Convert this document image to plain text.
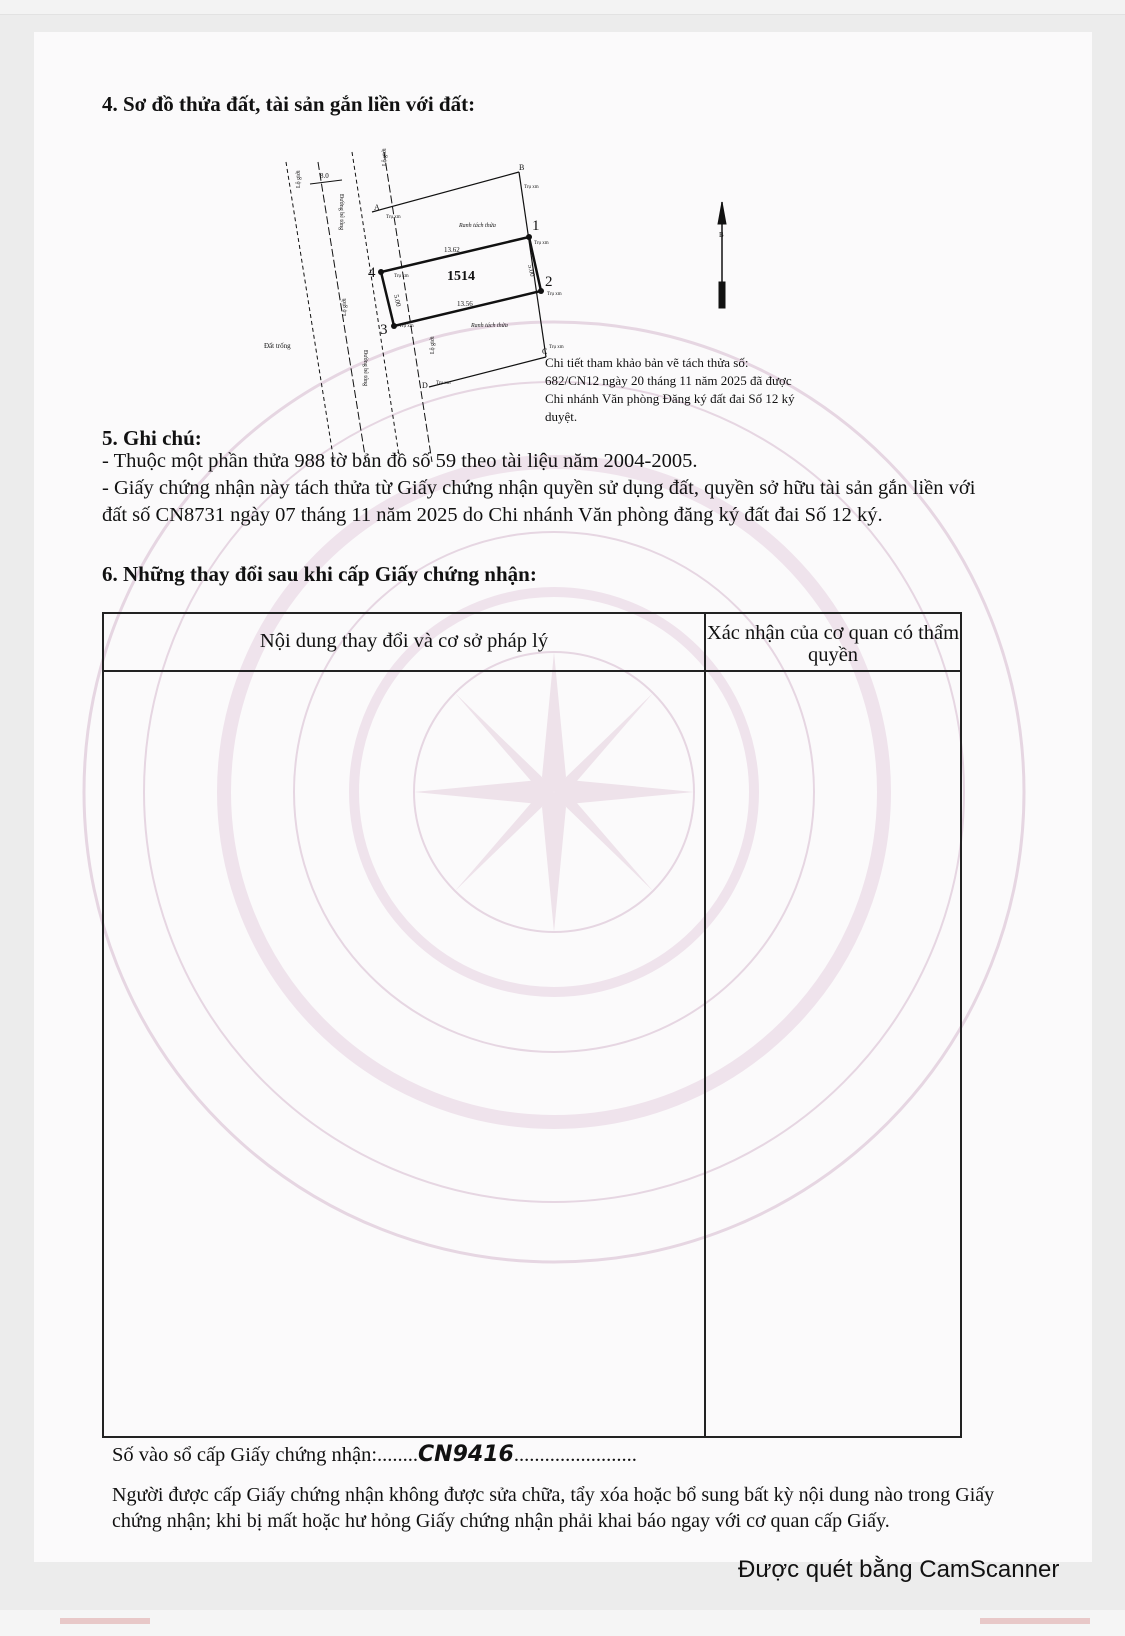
4. Sơ đồ thửa đất, tài sản gắn liền với đất:
1514
1
2
3
4
A
B
C
D
13.62
13.56
5.00
5.00
8.0
Ranh tách thửa
Ranh tách thửa
Trụ xm
Trụ xm
Trụ xm
Trụ xm
Trụ xm
Trụ xm
Trụ xm
Trụ xm
Đất trống
Đường bê tông
Đường bê tông
Lộ giới
Lộ giới
Lộ giới
Lộ giới
B
Chi tiết tham khảo bản vẽ tách thửa số: 682/CN12 ngày 20 tháng 11 năm 2025 đã được Chi nhánh Văn phòng Đăng ký đất đai Số 12 ký duyệt.
5. Ghi chú:
- Thuộc một phần thửa 988 tờ bản đồ số 59 theo tài liệu năm 2004-2005.
- Giấy chứng nhận này tách thửa từ Giấy chứng nhận quyền sử dụng đất, quyền sở hữu tài sản gắn liền với đất số CN8731 ngày 07 tháng 11 năm 2025 do Chi nhánh Văn phòng đăng ký đất đai Số 12 ký.
6. Những thay đổi sau khi cấp Giấy chứng nhận:
Nội dung thay đổi và cơ sở pháp lý	Xác nhận của cơ quan có thẩm quyền
Số vào sổ cấp Giấy chứng nhận:........CN9416........................
Người được cấp Giấy chứng nhận không được sửa chữa, tẩy xóa hoặc bổ sung bất kỳ nội dung nào trong Giấy chứng nhận; khi bị mất hoặc hư hỏng Giấy chứng nhận phải khai báo ngay với cơ quan cấp Giấy.
Được quét bằng CamScanner
